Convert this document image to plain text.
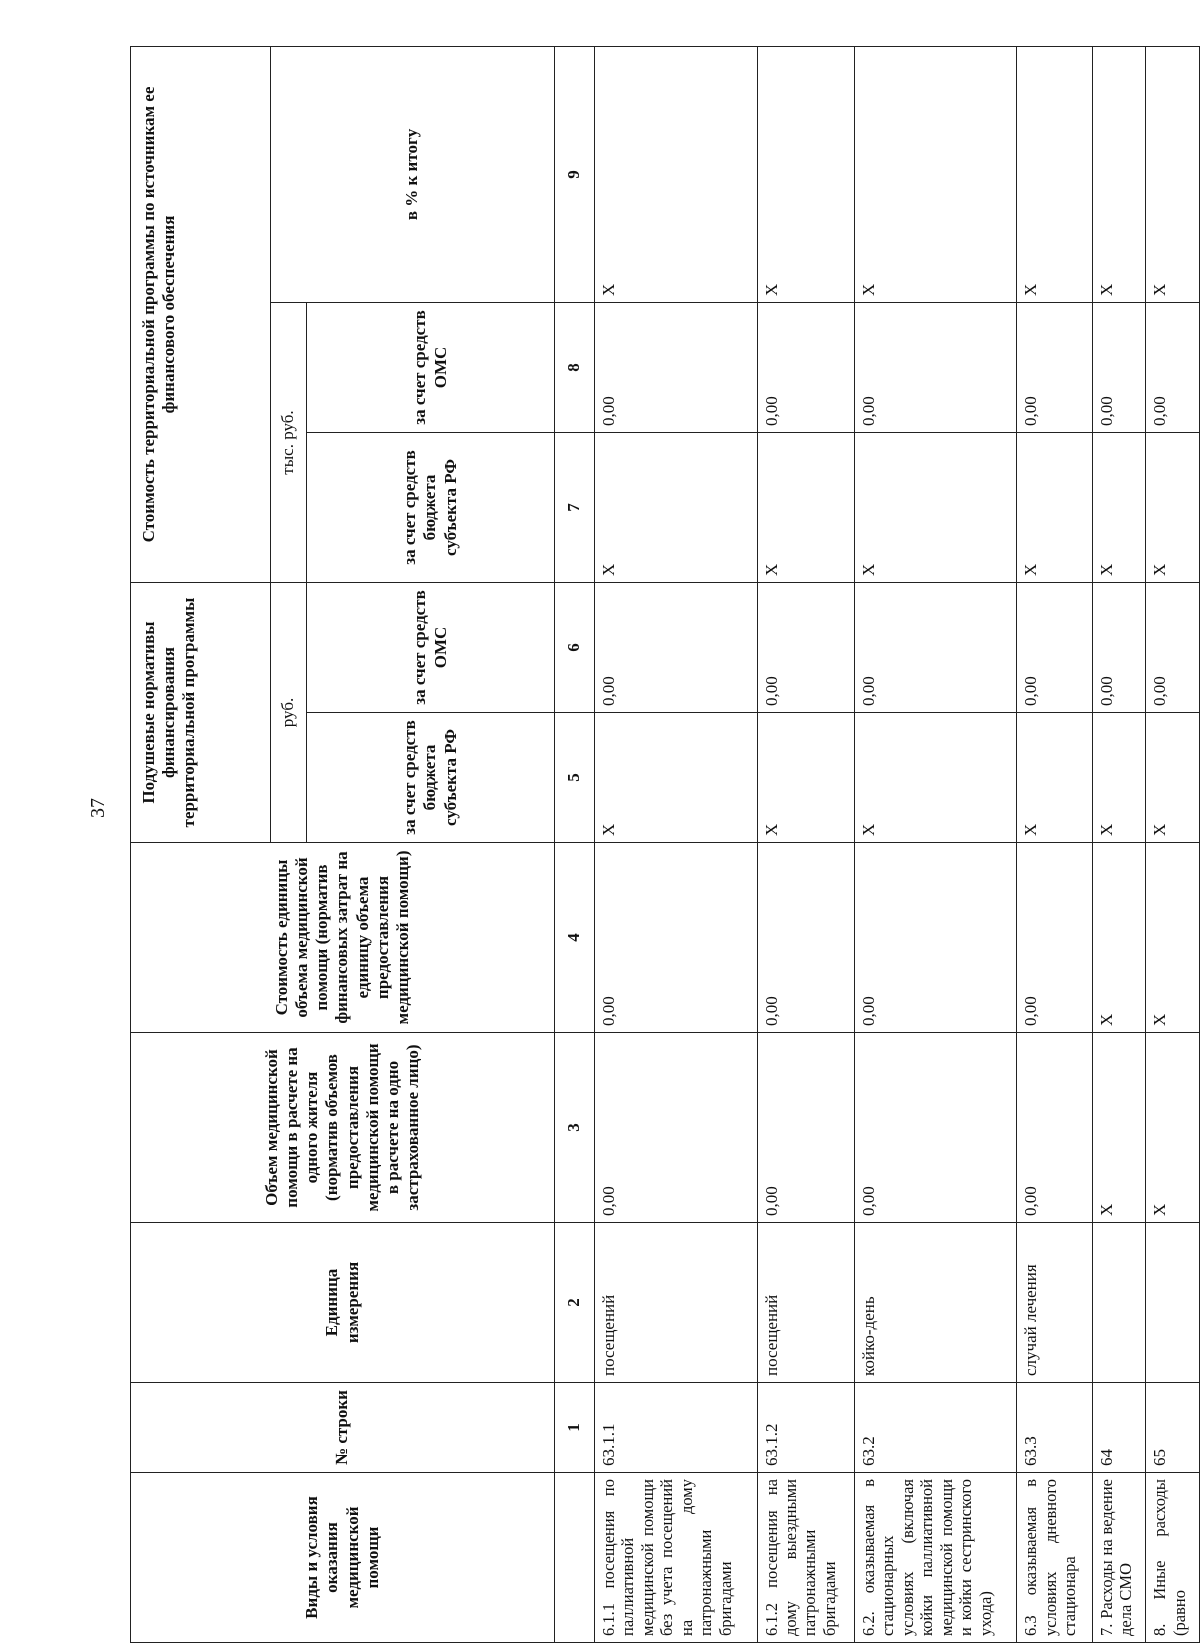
37
Виды и условия оказания медицинской помощи	№ строки	Единица измерения	Объем медицинской помощи в расчете на одного жителя (норматив объемов предоставления медицинской помощи в расчете на одно застрахованное лицо)	Стоимость единицы объема медицинской помощи (норматив финансовых затрат на единицу объема предоставления медицинской помощи)	Подушевые нормативы финансирования территориальной программы		Стоимость территориальной программы по источникам ее финансового обеспечения		
					руб.		тыс. руб.		в % к итогу
					за счет средств бюджета субъекта РФ	за счет средств ОМС	за счет средств бюджета субъекта РФ	за счет средств ОМС	
	1	2	3	4	5	6	7	8	9
6.1.1 посещения по паллиативной медицинской помощи без учета посещений на дому патронажными бригадами	63.1.1	посещений	0,00	0,00	Х	0,00	Х	0,00	Х
6.1.2 посещения на дому выездными патронажными бригадами	63.1.2	посещений	0,00	0,00	Х	0,00	Х	0,00	Х
6.2. оказываемая в стационарных условиях (включая койки паллиативной медицинской помощи и койки сестринского ухода)	63.2	койко-день	0,00	0,00	Х	0,00	Х	0,00	Х
6.3 оказываемая в условиях дневного стационара	63.3	случай лечения	0,00	0,00	Х	0,00	Х	0,00	Х
7. Расходы на ведение дела СМО	64		Х	Х	Х	0,00	Х	0,00	Х
8. Иные расходы (равно	65		Х	Х	Х	0,00	Х	0,00	Х
